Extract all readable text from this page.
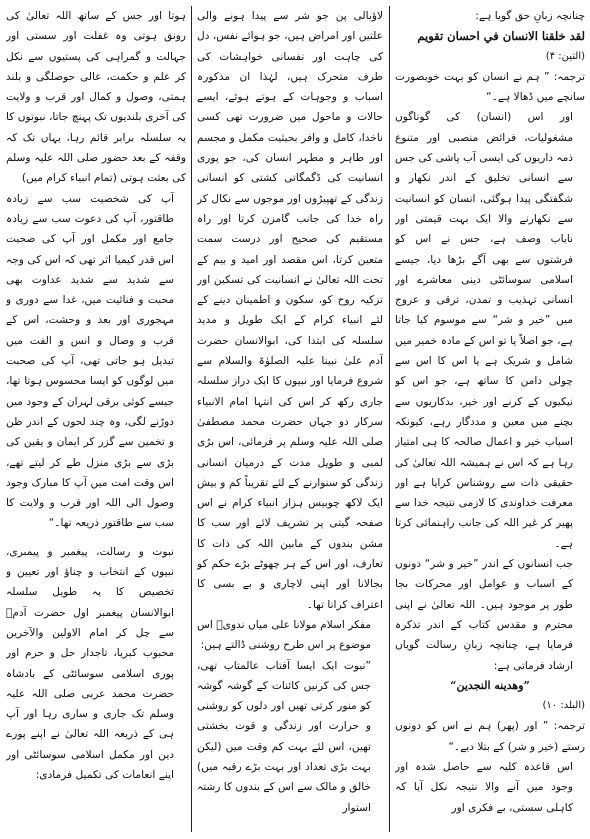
چنانچہ زبانِ حق گویا ہے:

لقد خلقنا الانسان في احسان تقويم

(التين: ۴)

ترجمہ: ” ہم نے انسان کو بہت خوبصورت سانچے میں ڈھالا ہے۔“

اور اس (انسان) کی گوناگوں مشغولیات، فرائض منصبی اور متنوع ذمہ داریوں کی ایسی آب پاشی کی جس سے انسانی تخلیق کے اندر نکھار و شگفتگی پیدا ہوگئی، انسان کو انسانیت سے نکھارنے والا ایک بہت قیمتی اور نایاب وصف ہے، جس نے اس کو فرشتوں سے بھی آگے بڑھا دیا، جیسے اسلامی سوسائٹی دینی معاشرے اور انسانی تہذیب و تمدن، ترقی و عروج میں ”خیر و شر“ سے موسوم کیا جاتا ہے، جو اصلاً یا تو اس کے مادہ خمیر میں شامل و شریک ہے یا اس کا اس سے چولی دامن کا ساتھ ہے، جو اس کو نیکیوں کے کرنے اور خیر، بدکاریوں سے بچنے میں معین و مددگار رہے، کیونکہ اسباب خیر و اعمال صالحہ کا ہی امتیاز رہا ہے کہ اس نے ہمیشہ اللہ تعالیٰ کی حقیقی ذات سے روشناس کرایا ہے اور معرفت خداوندی کا لازمی نتیجہ خدا سے پھیر کر غیر اللہ کی جانب راہنمائی کرتا ہے۔

جب انسانوں کے اندر ”خیر و شر“ دونوں کے اسباب و عوامل اور محرکات بجا طور پر موجود ہیں۔ اللہ تعالیٰ نے اپنی محترم و مقدس کتاب کے اندر تذکرہ فرمایا ہے، چنانچہ زبانِ رسالت گویاں ارشاد فرماتی ہے:

”وهدينه النجدين“

(البلد: ۱۰)

ترجمہ: ” اور (پھر) ہم نے اس کو دونوں رستے (خیر و شر) کے بتلا دیے۔“

اس قاعدہ کلیہ سے حاصل شدہ اور وجود میں آنے والا نتیجہ نکل آیا کہ کاہلی سستی، بے فکری اور

لاؤبالی پن جو شر سے پیدا ہونے والی علتیں اور امراض ہیں، جو ہوائے نفس، دل کی چاہت اور نفسانی خواہشات کی طرف متحرک ہیں، لہٰذا ان مذکورہ اسباب و وجوہات کے ہوتے ہوئے، ایسے حالات و ماحول میں ضرورت تھی کسی ناخدا، کامل و وافر بحیثیت مکمل و مجسم اور طاہر و مطہر انسان کی، جو پوری انسانیت کی ڈگمگاتی کشتی کو انسانی زندگی کے تھپیڑوں اور موجوں سے نکال کر راہ خدا کی جانب گامزن کرتا اور راہ مستقیم کی صحیح اور درست سمت متعین کرتا، اس مقصد اور امید و بیم کے تحت اللہ تعالیٰ نے انسانیت کی تسکین اور تزکیہ روح کو، سکون و اطمینان دینے کے لئے انبیاء کرام کے ایک طویل و مدید سلسلہ کی ابتدا کی، ابوالانسان حضرت آدم علیٰ نبینا علیہ الصلوٰۃ والسلام سے شروع فرمایا اور نبیوں کا ایک دراز سلسلہ جاری رکھ کر اس کی انتہا امام الانبیاء سرکار دو جہاں حضرت محمد مصطفیٰ صلی اللہ علیہ وسلم پر فرمائی، اس بڑی لمبی و طویل مدت کے درمیان انسانی زندگی کو سنوارنے کے لئے تقریباً کم و بیش ایک لاکھ چوبیس ہزار انبیاء کرام نے اس صفحہ گیتی پر تشریف لائے اور سب کا مشن بندوں کے مابین اللہ کی ذات کا تعارف، اور اس کے ہر چھوٹے بڑے حکم کو بجالانا اور اپنی لاچاری و بے بسی کا اعتراف کرانا تھا۔

مفکر اسلام مولانا علی میاں ندویؒ اس موضوع پر اس طرح روشنی ڈالتے ہیں:

”نبوت ایک ایسا آفتاب عالمتاب تھی، جس کی کرنیں کائنات کے گوشہ گوشہ کو منور کرتی تھیں اور دلوں کو روشنی و حرارت اور زندگی و قوت بخشتی تھیں، اس لئے بہت کم وقت میں (لیکن بہت بڑی تعداد اور بہت بڑے رقبہ میں) خالق و مالک سے اس کے بندوں کا رشتہ استوار

ہوتا اور جس کے ساتھ اللہ تعالیٰ کی رونق ہوتی وہ غفلت اور سستی اور جہالت و گمراہی کی پستیوں سے نکل کر علم و حکمت، عالی حوصلگی و بلند ہمتی، وصول و کمال اور قرب و ولایت کی آخری بلندیوں تک پہنچ جاتا، نبوتوں کا یہ سلسلہ برابر قائم رہا، یہاں تک کہ وقفہ کے بعد حضور صلی اللہ علیہ وسلم کی بعثت ہوتی (تمام انبیاء کرام میں)

آپ کی شخصیت سب سے زیادہ طاقتور، آپ کی دعوت سب سے زیادہ جامع اور مکمل اور آپ کی صحبت اس قدر کیمیا اثر تھی کہ اس کی وجہ سے شدید سے شدید عداوت بھی محبت و فنائیت میں، غدا سے دوری و مہجوری اور بعد و وحشت، اس کے قرب و وصال و انس و الفت میں تبدیل ہو جاتی تھی، آپ کی صحبت میں لوگوں کو ایسا محسوس ہوتا تھا، جیسے کوئی برقی لہران کے وجود میں دوڑنے لگی، وہ چند لحوں کے اندر ظن و تخمین سے گزر کر ایمان و یقین کی بڑی سے بڑی منزل طے کر لیتے تھے، اس وقت امت میں آپ کا مبارک وجود وصول الی اللہ اور قرب و ولایت کا سب سے طاقتور ذریعہ تھا۔“

نبوت و رسالت، پیغمبر و پیمبری، نبیوں کے انتخاب و چناؤ اور تعیین و تخصیص کا یہ طویل سلسلہ ابوالانسان پیغمبر اول حضرت آدمؑ سے چل کر امام الاولین والآخرین محبوب کبریا، تاجدار حل و حرم اور پوری اسلامی سوسائٹی کے بادشاہ حضرت محمد عربی صلی اللہ علیہ وسلم تک جاری و ساری رہا اور آپ ہی کے ذریعہ اللہ تعالیٰ نے اپنے پورے دین اور مکمل اسلامی سوسائٹی اور اپنے انعامات کی تکمیل فرمادی:
